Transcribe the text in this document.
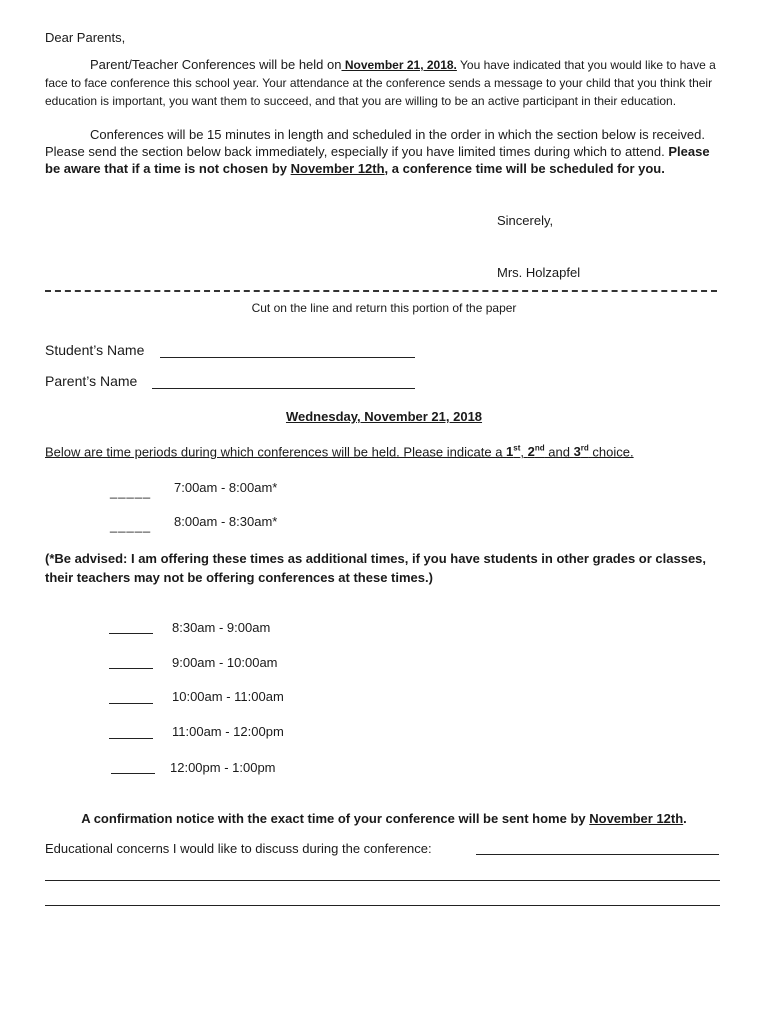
Dear Parents,
Parent/Teacher Conferences will be held on November 21, 2018. You have indicated that you would like to have a face to face conference this school year. Your attendance at the conference sends a message to your child that you think their education is important, you want them to succeed, and that you are willing to be an active participant in their education.
Conferences will be 15 minutes in length and scheduled in the order in which the section below is received. Please send the section below back immediately, especially if you have limited times during which to attend. Please be aware that if a time is not chosen by November 12th, a conference time will be scheduled for you.
Sincerely,
Mrs. Holzapfel
Cut on the line and return this portion of the paper
Student’s Name
Parent’s Name
Wednesday, November 21, 2018
Below are time periods during which conferences will be held. Please indicate a 1st, 2nd and 3rd choice.
_____ 7:00am - 8:00am*
_____ 8:00am - 8:30am*
(*Be advised: I am offering these times as additional times, if you have students in other grades or classes, their teachers may not be offering conferences at these times.)
8:30am - 9:00am
9:00am - 10:00am
10:00am - 11:00am
11:00am - 12:00pm
12:00pm - 1:00pm
A confirmation notice with the exact time of your conference will be sent home by November 12th.
Educational concerns I would like to discuss during the conference:
